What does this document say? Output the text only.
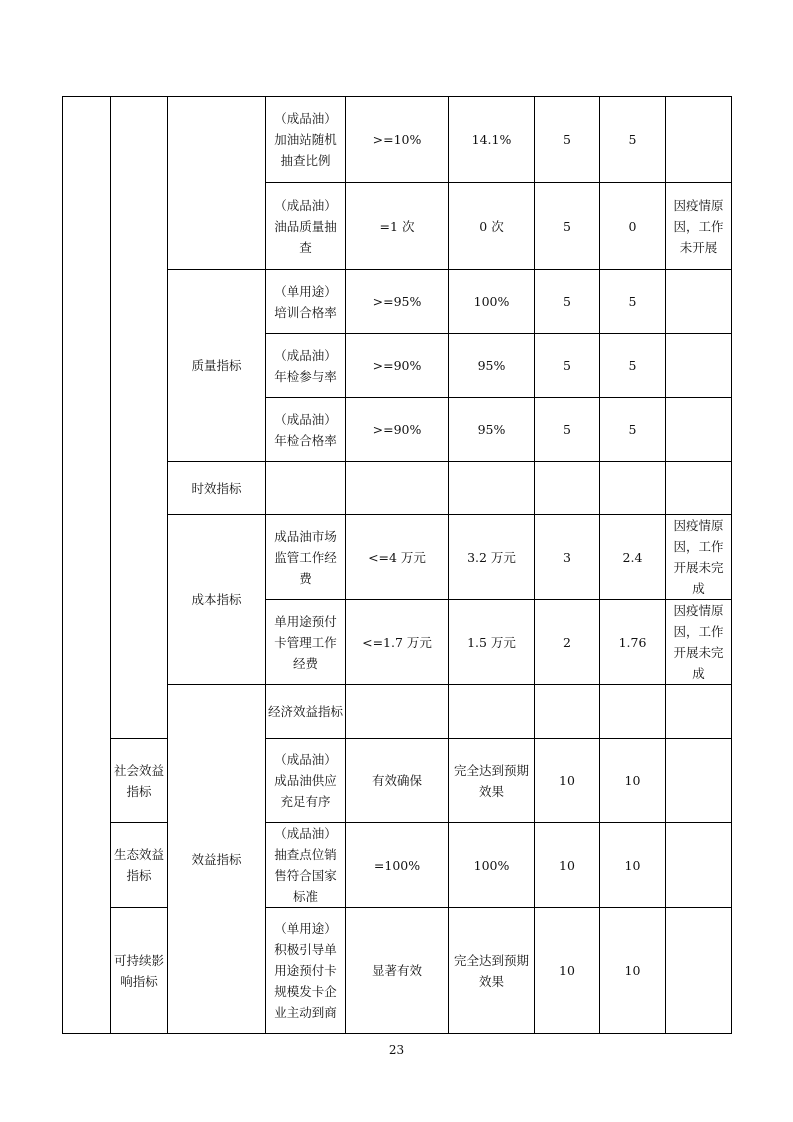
			（成品油）加油站随机抽查比例	>=10%	14.1%	5	5		
			（成品油）油品质量抽查	=1 次	0 次	5	0	因疫情原因，工作未开展	
		质量指标	（单用途）培训合格率	>=95%	100%	5	5		
			（成品油）年检参与率	>=90%	95%	5	5		
			（成品油）年检合格率	>=90%	95%	5	5		
		时效指标							
		成本指标	成品油市场监管工作经费	<=4 万元	3.2 万元	3	2.4	因疫情原因，工作开展未完成	
			单用途预付卡管理工作经费	<=1.7 万元	1.5 万元	2	1.76	因疫情原因，工作开展未完成	
		效益指标	经济效益指标						
	社会效益指标		（成品油）成品油供应充足有序	有效确保	完全达到预期效果	10	10		
	生态效益指标		（成品油）抽查点位销售符合国家标准	=100%	100%	10	10		
	可持续影响指标		（单用途）积极引导单用途预付卡规模发卡企业主动到商	显著有效	完全达到预期效果	10	10		
23
